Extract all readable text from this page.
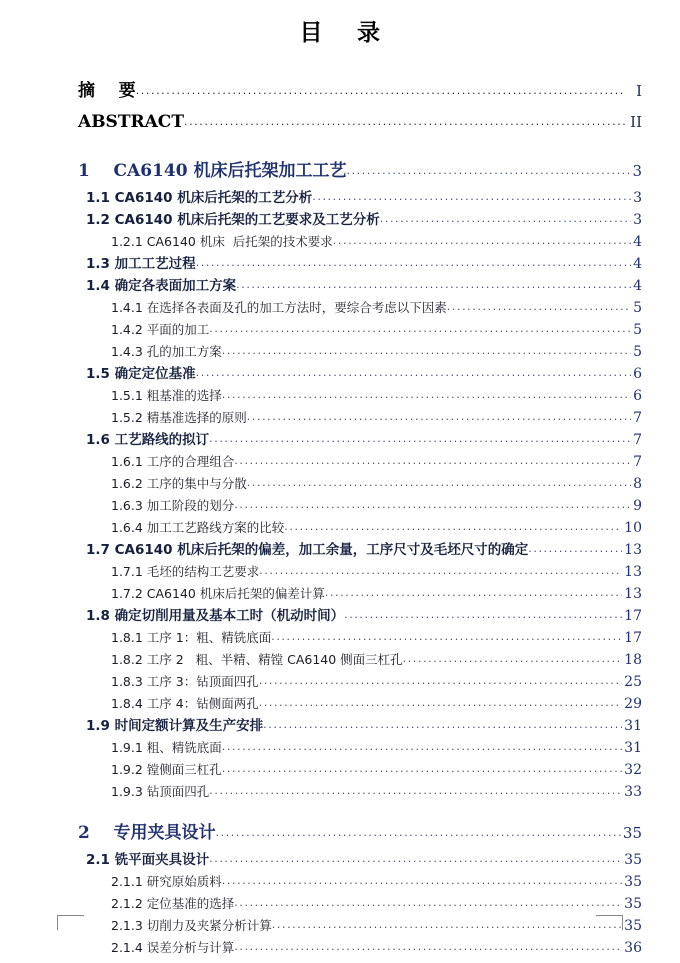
目    录
摘    要 .....	I
ABSTRACT .....	II
1    CA6140 机床后托架加工工艺 .....	3
1.1 CA6140 机床后托架的工艺分析 .....	3
1.2 CA6140 机床后托架的工艺要求及工艺分析 .....	3
1.2.1 CA6140 机床  后托架的技术要求 .....	4
1.3 加工工艺过程 .....	4
1.4 确定各表面加工方案 .....	4
1.4.1 在选择各表面及孔的加工方法时，要综合考虑以下因素 .....	5
1.4.2 平面的加工 .....	5
1.4.3 孔的加工方案 .....	5
1.5 确定定位基准 .....	6
1.5.1 粗基准的选择 .....	6
1.5.2 精基准选择的原则 .....	7
1.6 工艺路线的拟订 .....	7
1.6.1 工序的合理组合 .....	7
1.6.2 工序的集中与分散 .....	8
1.6.3 加工阶段的划分 .....	9
1.6.4 加工工艺路线方案的比较 .....	10
1.7 CA6140 机床后托架的偏差，加工余量，工序尺寸及毛坯尺寸的确定 .....	13
1.7.1 毛坯的结构工艺要求 .....	13
1.7.2 CA6140 机床后托架的偏差计算 .....	13
1.8 确定切削用量及基本工时（机动时间） .....	17
1.8.1 工序 1：粗、精铣底面 .....	17
1.8.2 工序 2   粗、半精、精镗 CA6140 侧面三杠孔 .....	18
1.8.3 工序 3：钻顶面四孔 .....	25
1.8.4 工序 4：钻侧面两孔 .....	29
1.9 时间定额计算及生产安排 .....	31
1.9.1 粗、精铣底面 .....	31
1.9.2 镗侧面三杠孔 .....	32
1.9.3 钻顶面四孔 .....	33
2    专用夹具设计 .....	35
2.1 铣平面夹具设计 .....	35
2.1.1 研究原始质料 .....	35
2.1.2 定位基准的选择 .....	35
2.1.3 切削力及夹紧分析计算 .....	35
2.1.4 误差分析与计算 .....	36
